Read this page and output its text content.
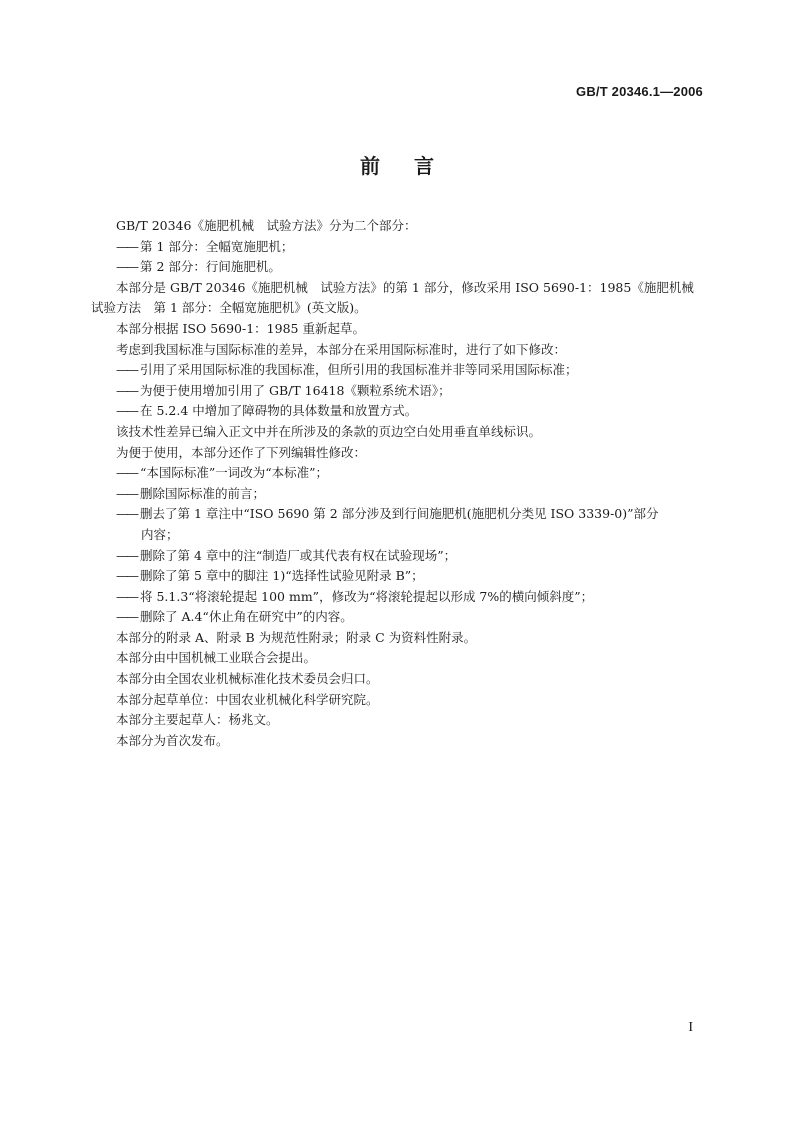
GB/T 20346.1—2006
前言
GB/T 20346《施肥机械　试验方法》分为二个部分：
—— 第 1 部分：全幅宽施肥机；
—— 第 2 部分：行间施肥机。
本部分是 GB/T 20346《施肥机械　试验方法》的第 1 部分，修改采用 ISO 5690-1：1985《施肥机械
试验方法　第 1 部分：全幅宽施肥机》(英文版)。
本部分根据 ISO 5690-1：1985 重新起草。
考虑到我国标准与国际标准的差异，本部分在采用国际标准时，进行了如下修改：
—— 引用了采用国际标准的我国标准，但所引用的我国标准并非等同采用国际标准；
—— 为便于使用增加引用了 GB/T 16418《颗粒系统术语》；
—— 在 5.2.4 中增加了障碍物的具体数量和放置方式。
该技术性差异已编入正文中并在所涉及的条款的页边空白处用垂直单线标识。
为便于使用，本部分还作了下列编辑性修改：
—— “本国际标准”一词改为“本标准”；
—— 删除国际标准的前言；
—— 删去了第 1 章注中“ISO 5690 第 2 部分涉及到行间施肥机(施肥机分类见 ISO 3339-0)”部分
内容；
—— 删除了第 4 章中的注“制造厂或其代表有权在试验现场”；
—— 删除了第 5 章中的脚注 1)“选择性试验见附录 B”；
—— 将 5.1.3“将滚轮提起 100 mm”，修改为“将滚轮提起以形成 7%的横向倾斜度”；
—— 删除了 A.4“休止角在研究中”的内容。
本部分的附录 A、附录 B 为规范性附录；附录 C 为资料性附录。
本部分由中国机械工业联合会提出。
本部分由全国农业机械标准化技术委员会归口。
本部分起草单位：中国农业机械化科学研究院。
本部分主要起草人：杨兆文。
本部分为首次发布。
I
